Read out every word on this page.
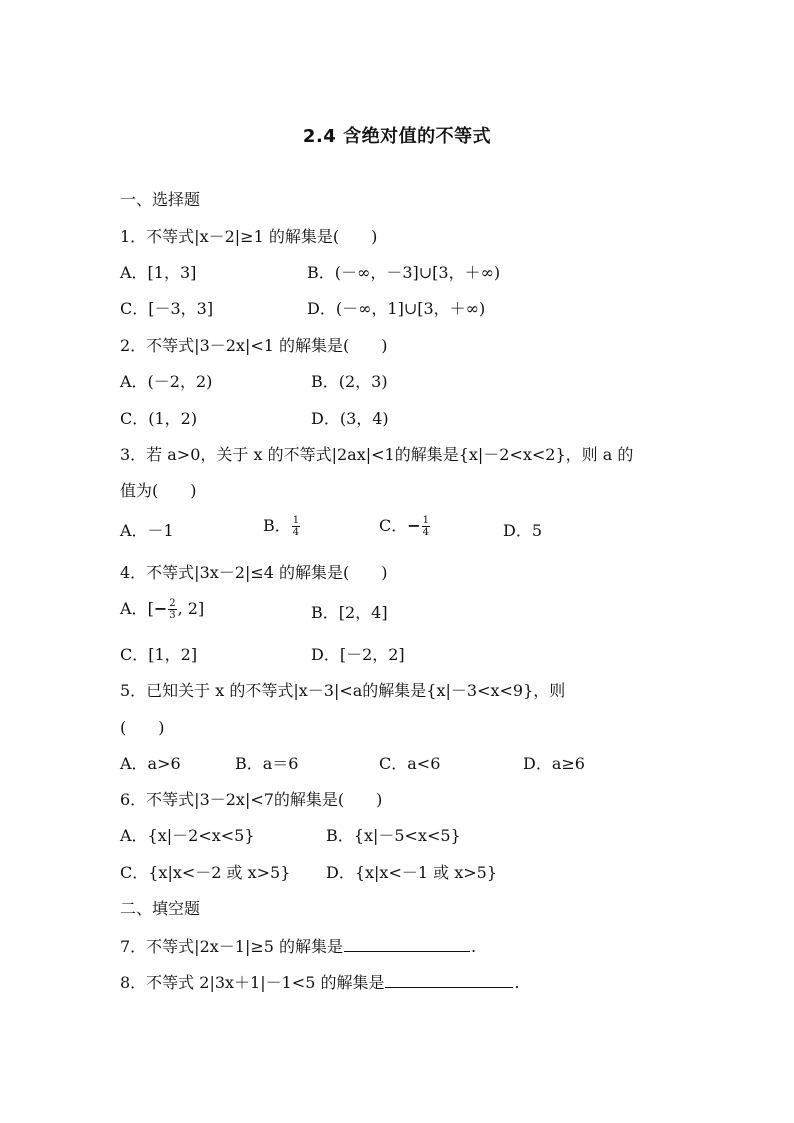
2.4 含绝对值的不等式
一、选择题
1．不等式|x－2|≥1 的解集是(　　)
A．[1，3]	B．(－∞，－3]∪[3，＋∞)
C．[－3，3]	D．(－∞，1]∪[3，＋∞)
2．不等式|3－2x|<1 的解集是(　　)
A．(－2，2)	B．(2，3)
C．(1，2)	D．(3，4)
3．若 a>0，关于 x 的不等式|2ax|<1的解集是{x|－2<x<2}，则 a 的
值为(　　)
A．－1	B． $\frac{1}{4}$	C．− $\frac{1}{4}$	D．5
4．不等式|3x－2|≤4 的解集是(　　)
A．[− $\frac{2}{3}$ , 2]	B．[2，4]
C．[1，2]	D．[－2，2]
5．已知关于 x 的不等式|x－3|<a的解集是{x|－3<x<9}，则
(　　)
A．a>6	B．a＝6	C．a<6	D．a≥6
6．不等式|3－2x|<7的解集是(　　)
A．{x|－2<x<5}	B．{x|－5<x<5}
C．{x|x<－2 或 x>5} D．{x|x<－1 或 x>5}
二、填空题
7．不等式|2x－1|≥5 的解集是	.
8．不等式 2|3x＋1|－1<5 的解集是	.
